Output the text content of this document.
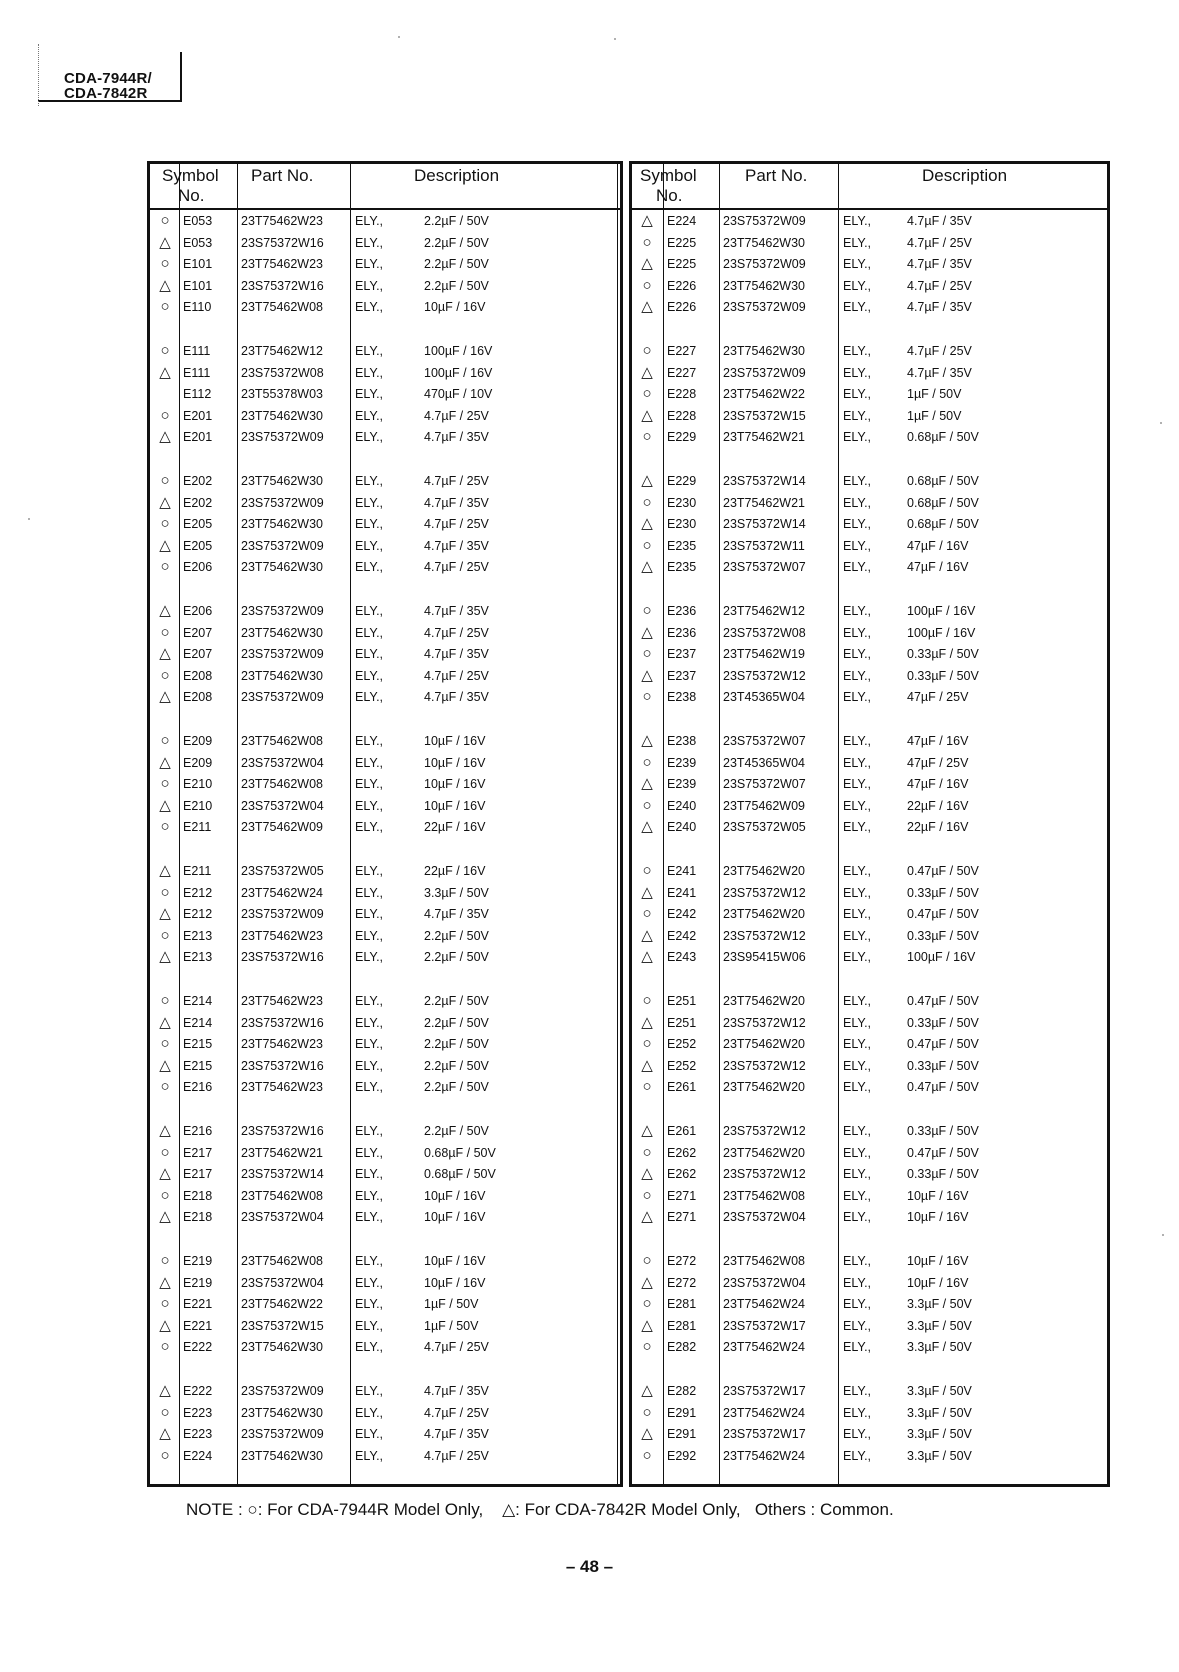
CDA-7944R/
CDA-7842R
Symbol
No.
Part No.	Description
○	E053 23T75462W23	ELY.,	2.2µF / 50V
△ E053 23S75372W16	ELY.,	2.2µF / 50V
○	E101 23T75462W23	ELY.,	2.2µF / 50V
△ E101 23S75372W16	ELY.,	2.2µF / 50V
○	E110 23T75462W08	ELY.,	10µF / 16V
○	E111 23T75462W12	ELY.,	100µF / 16V
△ E111 23S75372W08	ELY.,	100µF / 16V
E112 23T55378W03	ELY.,	470µF / 10V
○	E201 23T75462W30	ELY.,	4.7µF / 25V
△ E201 23S75372W09	ELY.,	4.7µF / 35V
○	E202 23T75462W30	ELY.,	4.7µF / 25V
△ E202 23S75372W09	ELY.,	4.7µF / 35V
○	E205 23T75462W30	ELY.,	4.7µF / 25V
△ E205 23S75372W09	ELY.,	4.7µF / 35V
○	E206 23T75462W30	ELY.,	4.7µF / 25V
△ E206 23S75372W09	ELY.,	4.7µF / 35V
○	E207 23T75462W30	ELY.,	4.7µF / 25V
△ E207 23S75372W09	ELY.,	4.7µF / 35V
○	E208 23T75462W30	ELY.,	4.7µF / 25V
△ E208 23S75372W09	ELY.,	4.7µF / 35V
○	E209 23T75462W08	ELY.,	10µF / 16V
△ E209 23S75372W04	ELY.,	10µF / 16V
○	E210 23T75462W08	ELY.,	10µF / 16V
△ E210 23S75372W04	ELY.,	10µF / 16V
○	E211 23T75462W09	ELY.,	22µF / 16V
△ E211 23S75372W05	ELY.,	22µF / 16V
○	E212 23T75462W24	ELY.,	3.3µF / 50V
△ E212 23S75372W09	ELY.,	4.7µF / 35V
○	E213 23T75462W23	ELY.,	2.2µF / 50V
△ E213 23S75372W16	ELY.,	2.2µF / 50V
○	E214 23T75462W23	ELY.,	2.2µF / 50V
△ E214 23S75372W16	ELY.,	2.2µF / 50V
○	E215 23T75462W23	ELY.,	2.2µF / 50V
△ E215 23S75372W16	ELY.,	2.2µF / 50V
○	E216 23T75462W23	ELY.,	2.2µF / 50V
△ E216 23S75372W16	ELY.,	2.2µF / 50V
○	E217 23T75462W21	ELY.,	0.68µF / 50V
△ E217 23S75372W14	ELY.,	0.68µF / 50V
○	E218 23T75462W08	ELY.,	10µF / 16V
△ E218 23S75372W04	ELY.,	10µF / 16V
○	E219 23T75462W08	ELY.,	10µF / 16V
△ E219 23S75372W04	ELY.,	10µF / 16V
○	E221 23T75462W22	ELY.,	1µF / 50V
△ E221 23S75372W15	ELY.,	1µF / 50V
○	E222 23T75462W30	ELY.,	4.7µF / 25V
△ E222 23S75372W09	ELY.,	4.7µF / 35V
○	E223 23T75462W30	ELY.,	4.7µF / 25V
△ E223 23S75372W09	ELY.,	4.7µF / 35V
○	E224 23T75462W30	ELY.,	4.7µF / 25V
Symbol
No.
Part No.	Description
△	E224 23S75372W09	ELY.,	4.7µF / 35V
○	E225 23T75462W30	ELY.,	4.7µF / 25V
△	E225 23S75372W09	ELY.,	4.7µF / 35V
○	E226 23T75462W30	ELY.,	4.7µF / 25V
△	E226 23S75372W09	ELY.,	4.7µF / 35V
○	E227 23T75462W30	ELY.,	4.7µF / 25V
△	E227 23S75372W09	ELY.,	4.7µF / 35V
○	E228 23T75462W22	ELY.,	1µF / 50V
△	E228 23S75372W15	ELY.,	1µF / 50V
○	E229 23T75462W21	ELY.,	0.68µF / 50V
△	E229 23S75372W14	ELY.,	0.68µF / 50V
○	E230 23T75462W21	ELY.,	0.68µF / 50V
△	E230 23S75372W14	ELY.,	0.68µF / 50V
○	E235 23S75372W11	ELY.,	47µF / 16V
△	E235 23S75372W07	ELY.,	47µF / 16V
○	E236 23T75462W12	ELY.,	100µF / 16V
△	E236 23S75372W08	ELY.,	100µF / 16V
○	E237 23T75462W19	ELY.,	0.33µF / 50V
△	E237 23S75372W12	ELY.,	0.33µF / 50V
○	E238 23T45365W04	ELY.,	47µF / 25V
△	E238 23S75372W07	ELY.,	47µF / 16V
○	E239 23T45365W04	ELY.,	47µF / 25V
△	E239 23S75372W07	ELY.,	47µF / 16V
○	E240 23T75462W09	ELY.,	22µF / 16V
△	E240 23S75372W05	ELY.,	22µF / 16V
○	E241 23T75462W20	ELY.,	0.47µF / 50V
△	E241 23S75372W12	ELY.,	0.33µF / 50V
○	E242 23T75462W20	ELY.,	0.47µF / 50V
△	E242 23S75372W12	ELY.,	0.33µF / 50V
△	E243 23S95415W06	ELY.,	100µF / 16V
○	E251 23T75462W20	ELY.,	0.47µF / 50V
△	E251 23S75372W12	ELY.,	0.33µF / 50V
○	E252 23T75462W20	ELY.,	0.47µF / 50V
△	E252 23S75372W12	ELY.,	0.33µF / 50V
○	E261 23T75462W20	ELY.,	0.47µF / 50V
△	E261 23S75372W12	ELY.,	0.33µF / 50V
○	E262 23T75462W20	ELY.,	0.47µF / 50V
△	E262 23S75372W12	ELY.,	0.33µF / 50V
○	E271 23T75462W08	ELY.,	10µF / 16V
△	E271 23S75372W04	ELY.,	10µF / 16V
○	E272 23T75462W08	ELY.,	10µF / 16V
△	E272 23S75372W04	ELY.,	10µF / 16V
○	E281 23T75462W24	ELY.,	3.3µF / 50V
△	E281 23S75372W17	ELY.,	3.3µF / 50V
○	E282 23T75462W24	ELY.,	3.3µF / 50V
△	E282 23S75372W17	ELY.,	3.3µF / 50V
○	E291 23T75462W24	ELY.,	3.3µF / 50V
△	E291 23S75372W17	ELY.,	3.3µF / 50V
○	E292 23T75462W24	ELY.,	3.3µF / 50V
NOTE : ○: For CDA-7944R Model Only, △: For CDA-7842R Model Only, Others : Common.
– 48 –
